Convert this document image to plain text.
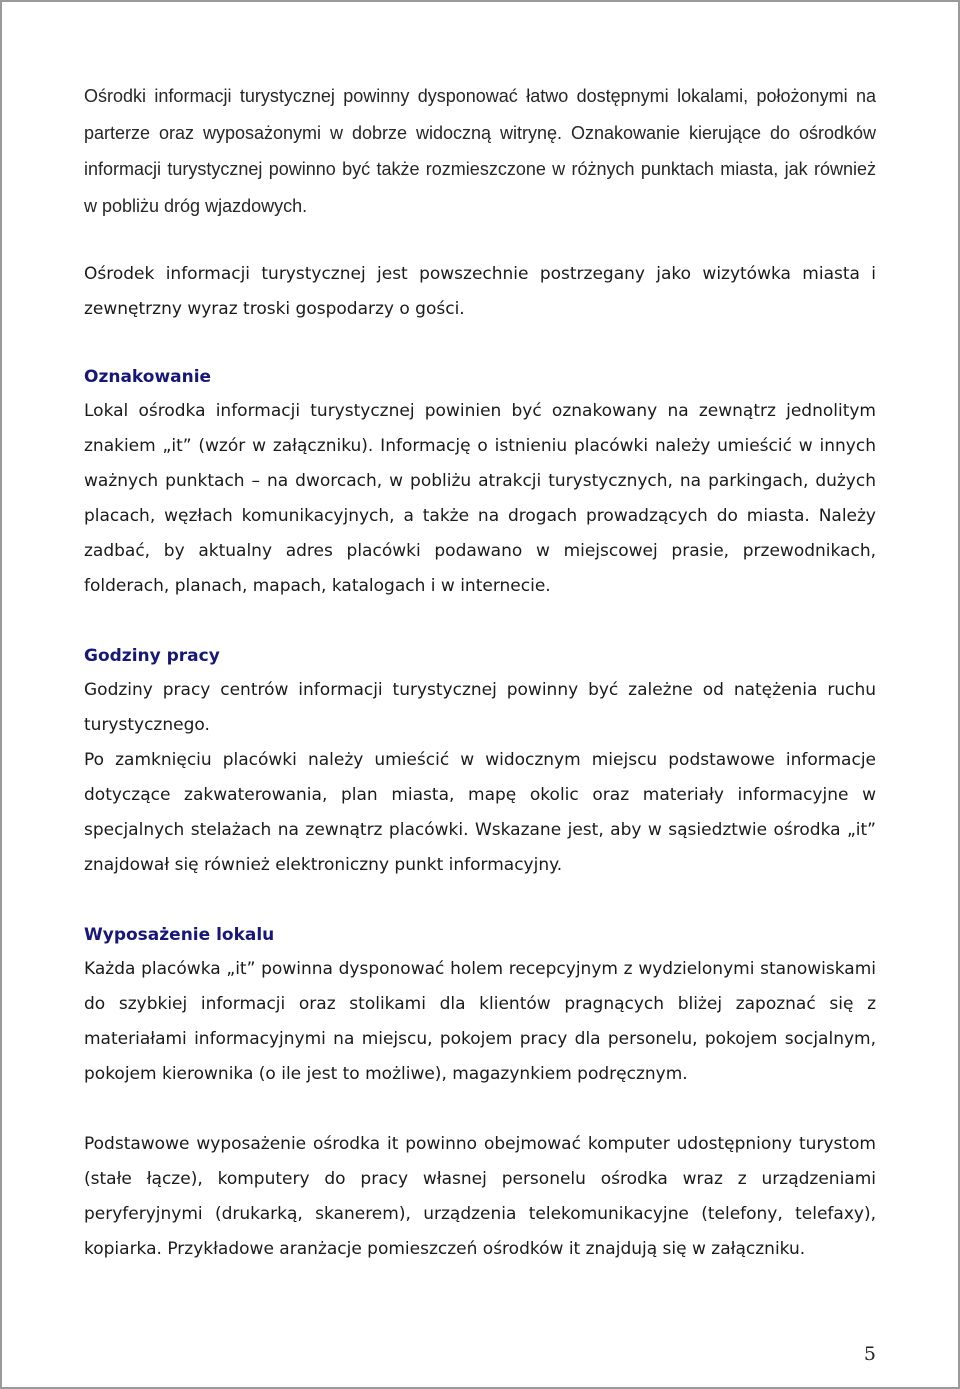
Ośrodki informacji turystycznej powinny dysponować łatwo dostępnymi lokalami, położonymi na parterze oraz wyposażonymi w dobrze widoczną witrynę. Oznakowanie kierujące do ośrodków informacji turystycznej powinno być także rozmieszczone w różnych punktach miasta, jak również w pobliżu dróg wjazdowych.

Ośrodek informacji turystycznej jest powszechnie postrzegany jako wizytówka miasta i zewnętrzny wyraz troski gospodarzy o gości.

Oznakowanie

Lokal ośrodka informacji turystycznej powinien być oznakowany na zewnątrz jednolitym znakiem „it” (wzór w załączniku). Informację o istnieniu placówki należy umieścić w innych ważnych punktach – na dworcach, w pobliżu atrakcji turystycznych, na parkingach, dużych placach, węzłach komunikacyjnych, a także na drogach prowadzących do miasta. Należy zadbać, by aktualny adres placówki podawano w miejscowej prasie, przewodnikach, folderach, planach, mapach, katalogach i w internecie.

Godziny pracy

Godziny pracy centrów informacji turystycznej powinny być zależne od natężenia ruchu turystycznego.

Po zamknięciu placówki należy umieścić w widocznym miejscu podstawowe informacje dotyczące zakwaterowania, plan miasta, mapę okolic oraz materiały informacyjne w specjalnych stelażach na zewnątrz placówki. Wskazane jest, aby w sąsiedztwie ośrodka „it” znajdował się również elektroniczny punkt informacyjny.

Wyposażenie lokalu

Każda placówka „it” powinna dysponować holem recepcyjnym z wydzielonymi stanowiskami do szybkiej informacji oraz stolikami dla klientów pragnących bliżej zapoznać się z materiałami informacyjnymi na miejscu, pokojem pracy dla personelu, pokojem socjalnym, pokojem kierownika (o ile jest to możliwe), magazynkiem podręcznym.

Podstawowe wyposażenie ośrodka it powinno obejmować komputer udostępniony turystom (stałe łącze), komputery do pracy własnej personelu ośrodka wraz z urządzeniami peryferyjnymi (drukarką, skanerem), urządzenia telekomunikacyjne (telefony, telefaxy), kopiarka. Przykładowe aranżacje pomieszczeń ośrodków it znajdują się w załączniku.

5
